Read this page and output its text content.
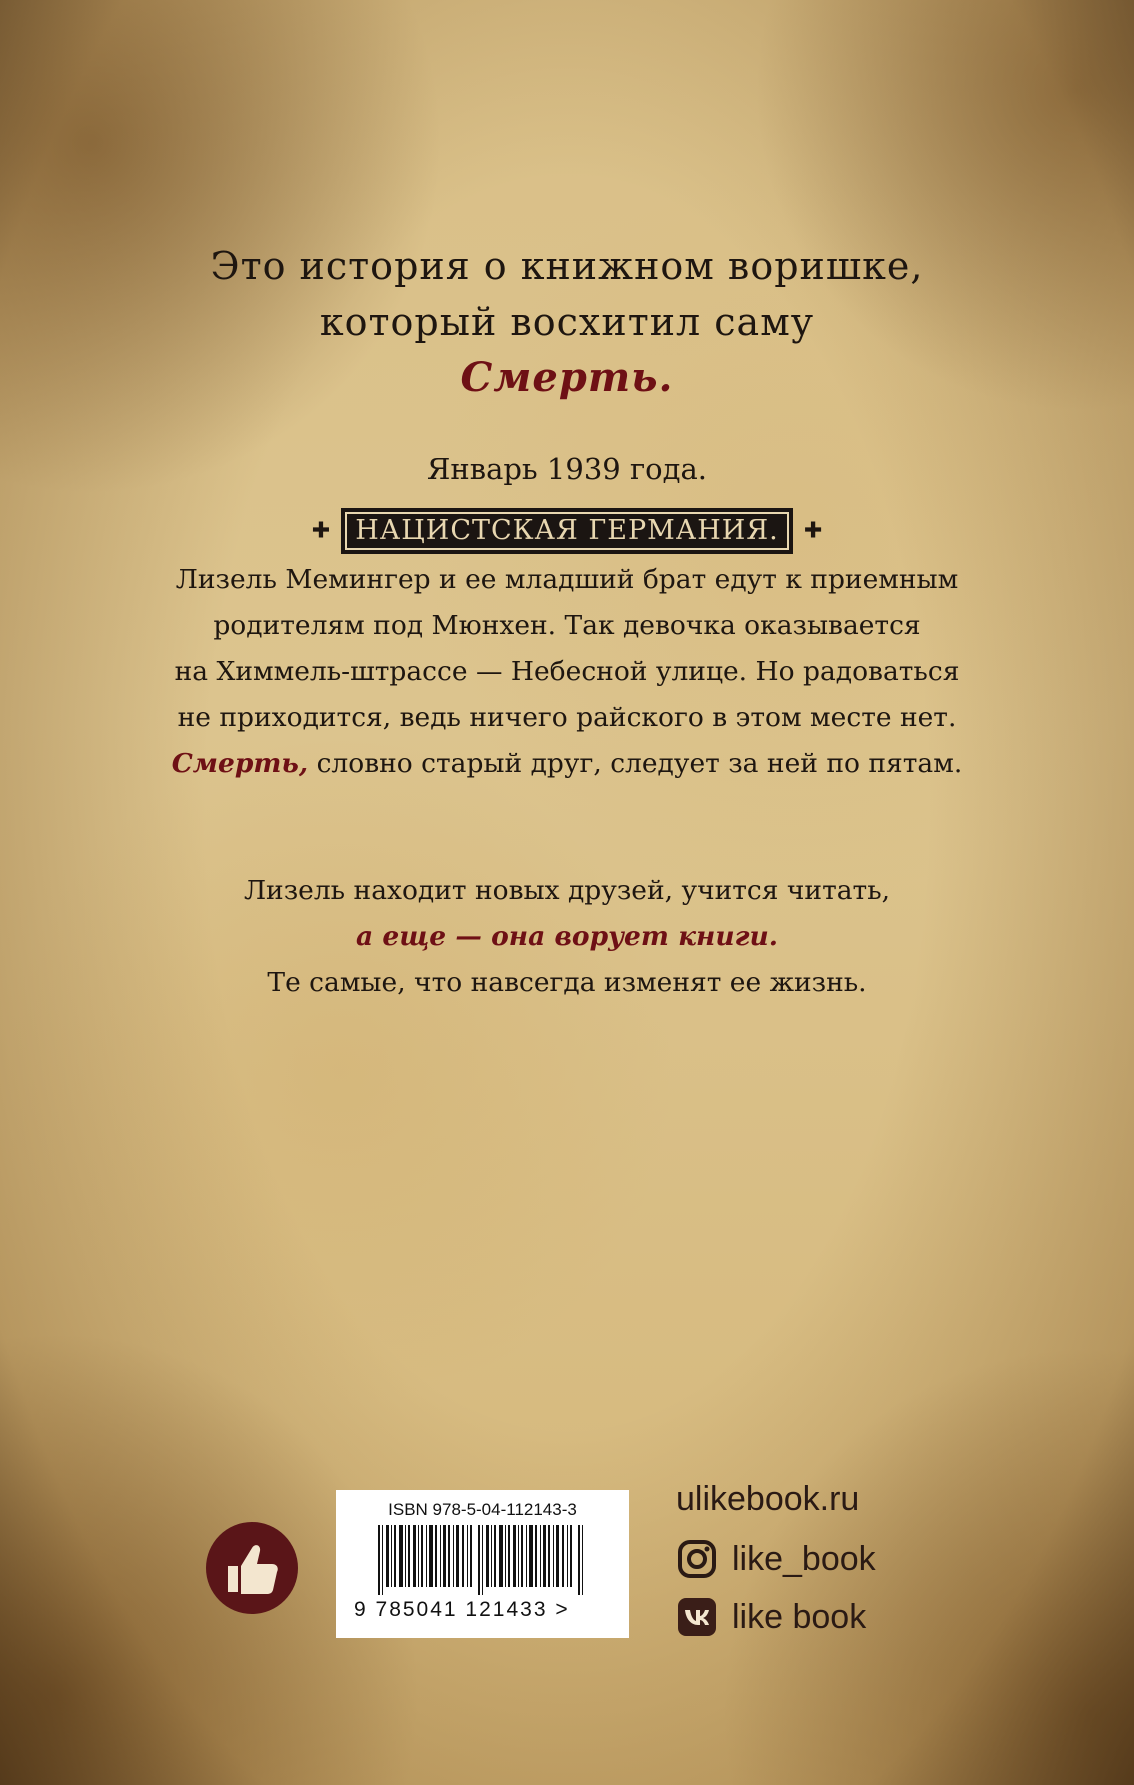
Это история о книжном воришке,
который восхитил саму
Смерть.
Январь 1939 года.
✚ НАЦИСТСКАЯ ГЕРМАНИЯ. ✚
Лизель Мемингер и ее младший брат едут к приемным
родителям под Мюнхен. Так девочка оказывается
на Химмель-штрассе — Небесной улице. Но радоваться
не приходится, ведь ничего райского в этом месте нет.
Смерть, словно старый друг, следует за ней по пятам.
Лизель находит новых друзей, учится читать,
а еще — она ворует книги.
Те самые, что навсегда изменят ее жизнь.
ISBN 978-5-04-112143-3
9 785041 121433 >
ulikebook.ru
like_book
like book
